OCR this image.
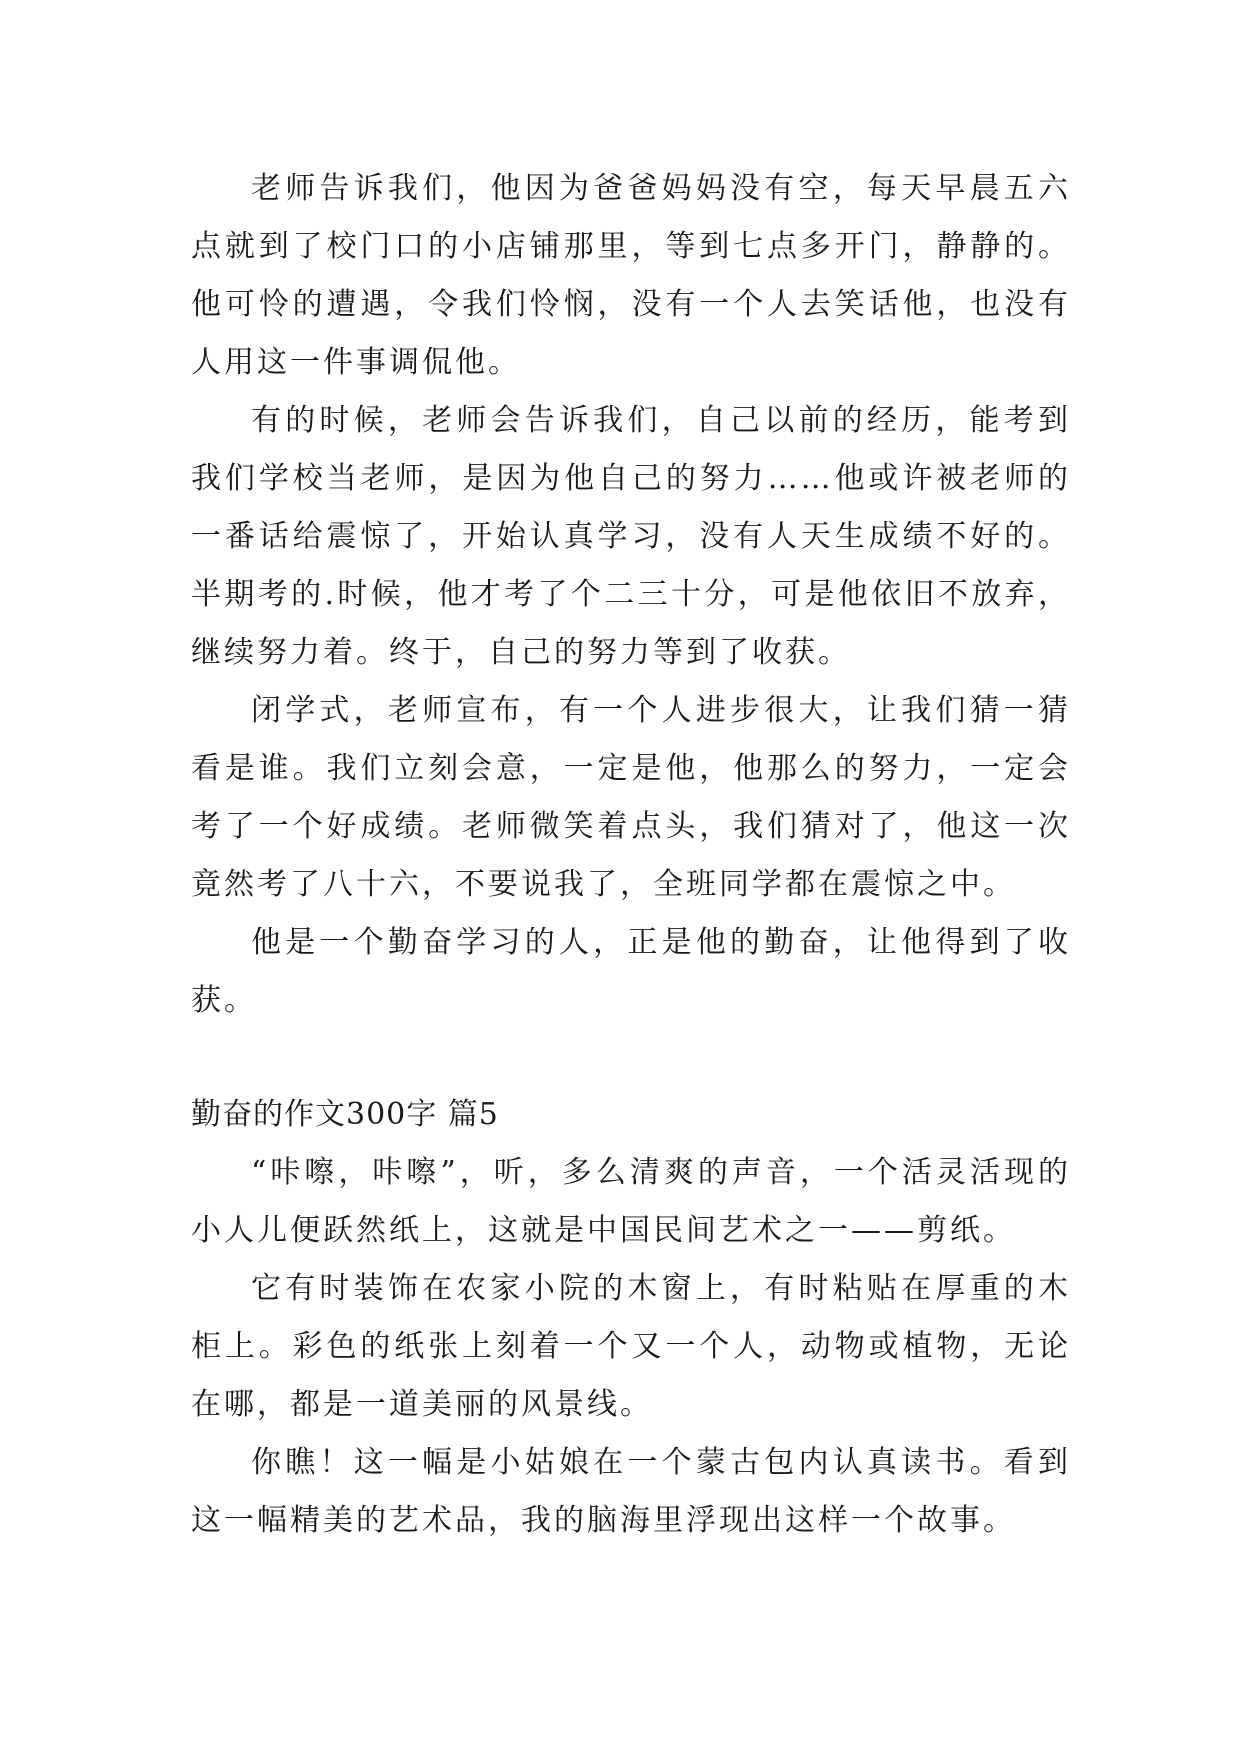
老师告诉我们，他因为爸爸妈妈没有空，每天早晨五六点就到了校门口的小店铺那里，等到七点多开门，静静的。他可怜的遭遇，令我们怜悯，没有一个人去笑话他，也没有人用这一件事调侃他。

有的时候，老师会告诉我们，自己以前的经历，能考到我们学校当老师，是因为他自己的努力……他或许被老师的一番话给震惊了，开始认真学习，没有人天生成绩不好的。半期考的.时候，他才考了个二三十分，可是他依旧不放弃，继续努力着。终于，自己的努力等到了收获。

闭学式，老师宣布，有一个人进步很大，让我们猜一猜看是谁。我们立刻会意，一定是他，他那么的努力，一定会考了一个好成绩。老师微笑着点头，我们猜对了，他这一次竟然考了八十六，不要说我了，全班同学都在震惊之中。

他是一个勤奋学习的人，正是他的勤奋，让他得到了收获。

勤奋的作文300字 篇5

“咔嚓，咔嚓”，听，多么清爽的声音，一个活灵活现的小人儿便跃然纸上，这就是中国民间艺术之一——剪纸。

它有时装饰在农家小院的木窗上，有时粘贴在厚重的木柜上。彩色的纸张上刻着一个又一个人，动物或植物，无论在哪，都是一道美丽的风景线。

你瞧！这一幅是小姑娘在一个蒙古包内认真读书。看到这一幅精美的艺术品，我的脑海里浮现出这样一个故事。
